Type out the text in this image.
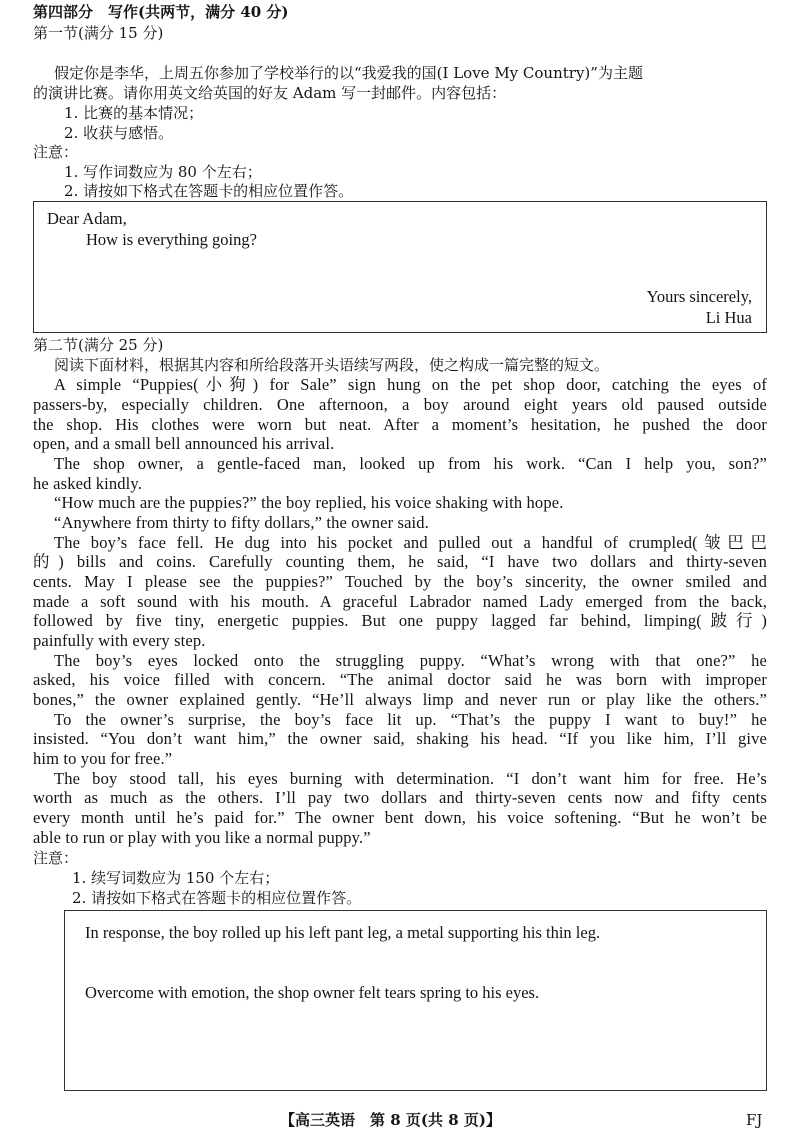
第四部分　写作(共两节，满分 40 分)
第一节(满分 15 分)
假定你是李华，上周五你参加了学校举行的以“我爱我的国(I Love My Country)”为主题
的演讲比赛。请你用英文给英国的好友 Adam 写一封邮件。内容包括：
1. 比赛的基本情况；
2. 收获与感悟。
注意：
1. 写作词数应为 80 个左右；
2. 请按如下格式在答题卡的相应位置作答。
Dear Adam,
How is everything going?
Yours sincerely,
Li Hua
第二节(满分 25 分)
阅读下面材料，根据其内容和所给段落开头语续写两段，使之构成一篇完整的短文。
A simple “Puppies(小狗) for Sale” sign hung on the pet shop door, catching the eyes of
passers-by, especially children. One afternoon, a boy around eight years old paused outside
the shop. His clothes were worn but neat. After a moment’s hesitation, he pushed the door
open, and a small bell announced his arrival.
The shop owner, a gentle-faced man, looked up from his work. “Can I help you, son?”
he asked kindly.
“How much are the puppies?” the boy replied, his voice shaking with hope.
“Anywhere from thirty to fifty dollars,” the owner said.
The boy’s face fell. He dug into his pocket and pulled out a handful of crumpled(皱巴巴
的) bills and coins. Carefully counting them, he said, “I have two dollars and thirty-seven
cents. May I please see the puppies?” Touched by the boy’s sincerity, the owner smiled and
made a soft sound with his mouth. A graceful Labrador named Lady emerged from the back,
followed by five tiny, energetic puppies. But one puppy lagged far behind, limping(跛行)
painfully with every step.
The boy’s eyes locked onto the struggling puppy. “What’s wrong with that one?” he
asked, his voice filled with concern. “The animal doctor said he was born with improper
bones,” the owner explained gently. “He’ll always limp and never run or play like the others.”
To the owner’s surprise, the boy’s face lit up. “That’s the puppy I want to buy!” he
insisted. “You don’t want him,” the owner said, shaking his head. “If you like him, I’ll give
him to you for free.”
The boy stood tall, his eyes burning with determination. “I don’t want him for free. He’s
worth as much as the others. I’ll pay two dollars and thirty-seven cents now and fifty cents
every month until he’s paid for.” The owner bent down, his voice softening. “But he won’t be
able to run or play with you like a normal puppy.”
注意：
1. 续写词数应为 150 个左右；
2. 请按如下格式在答题卡的相应位置作答。
In response, the boy rolled up his left pant leg, a metal supporting his thin leg.
Overcome with emotion, the shop owner felt tears spring to his eyes.
【高三英语　第 8 页(共 8 页)】	FJ
